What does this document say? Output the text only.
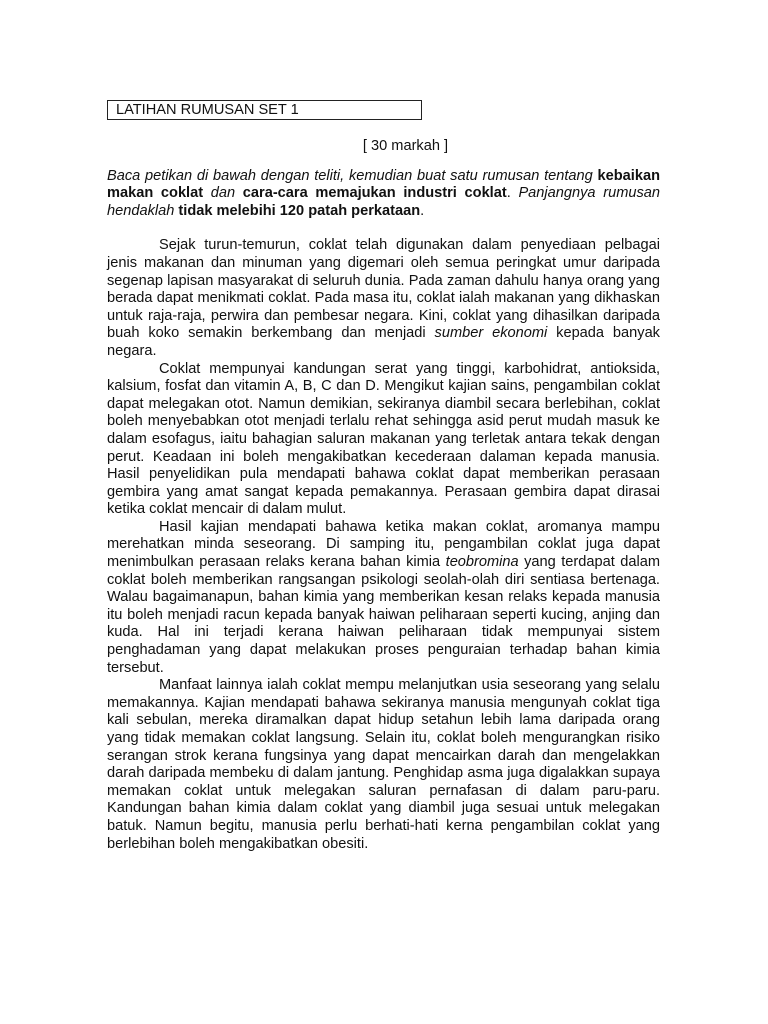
LATIHAN RUMUSAN SET 1
[ 30 markah ]
Baca petikan di bawah dengan teliti, kemudian buat satu rumusan tentang kebaikan makan coklat dan cara-cara memajukan industri coklat. Panjangnya rumusan hendaklah tidak melebihi 120 patah perkataan.

Sejak turun-temurun, coklat telah digunakan dalam penyediaan pelbagai jenis makanan dan minuman yang digemari oleh semua peringkat umur daripada segenap lapisan masyarakat di seluruh dunia. Pada zaman dahulu hanya orang yang berada dapat menikmati coklat. Pada masa itu, coklat ialah makanan yang dikhaskan untuk raja-raja, perwira dan pembesar negara. Kini, coklat yang dihasilkan daripada buah koko semakin berkembang dan menjadi sumber ekonomi kepada banyak negara.

Coklat mempunyai kandungan serat yang tinggi, karbohidrat, antioksida, kalsium, fosfat dan vitamin A, B, C dan D. Mengikut kajian sains, pengambilan coklat dapat melegakan otot. Namun demikian, sekiranya diambil secara berlebihan, coklat boleh menyebabkan otot menjadi terlalu rehat sehingga asid perut mudah masuk ke dalam esofagus, iaitu bahagian saluran makanan yang terletak antara tekak dengan perut. Keadaan ini boleh mengakibatkan kecederaan dalaman kepada manusia. Hasil penyelidikan pula mendapati bahawa coklat dapat memberikan perasaan gembira yang amat sangat kepada pemakannya. Perasaan gembira dapat dirasai ketika coklat mencair di dalam mulut.

Hasil kajian mendapati bahawa ketika makan coklat, aromanya mampu merehatkan minda seseorang. Di samping itu, pengambilan coklat juga dapat menimbulkan perasaan relaks kerana bahan kimia teobromina yang terdapat dalam coklat boleh memberikan rangsangan psikologi seolah-olah diri sentiasa bertenaga. Walau bagaimanapun, bahan kimia yang memberikan kesan relaks kepada manusia itu boleh menjadi racun kepada banyak haiwan peliharaan seperti kucing, anjing dan kuda. Hal ini terjadi kerana haiwan peliharaan tidak mempunyai sistem penghadaman yang dapat melakukan proses penguraian terhadap bahan kimia tersebut.

Manfaat lainnya ialah coklat mempu melanjutkan usia seseorang yang selalu memakannya. Kajian mendapati bahawa sekiranya manusia mengunyah coklat tiga kali sebulan, mereka diramalkan dapat hidup setahun lebih lama daripada orang yang tidak memakan coklat langsung. Selain itu, coklat boleh mengurangkan risiko serangan strok kerana fungsinya yang dapat mencairkan darah dan mengelakkan darah daripada membeku di dalam jantung. Penghidap asma juga digalakkan supaya memakan coklat untuk melegakan saluran pernafasan di dalam paru-paru. Kandungan bahan kimia dalam coklat yang diambil juga sesuai untuk melegakan batuk. Namun begitu, manusia perlu berhati-hati kerna pengambilan coklat yang berlebihan boleh mengakibatkan obesiti.
